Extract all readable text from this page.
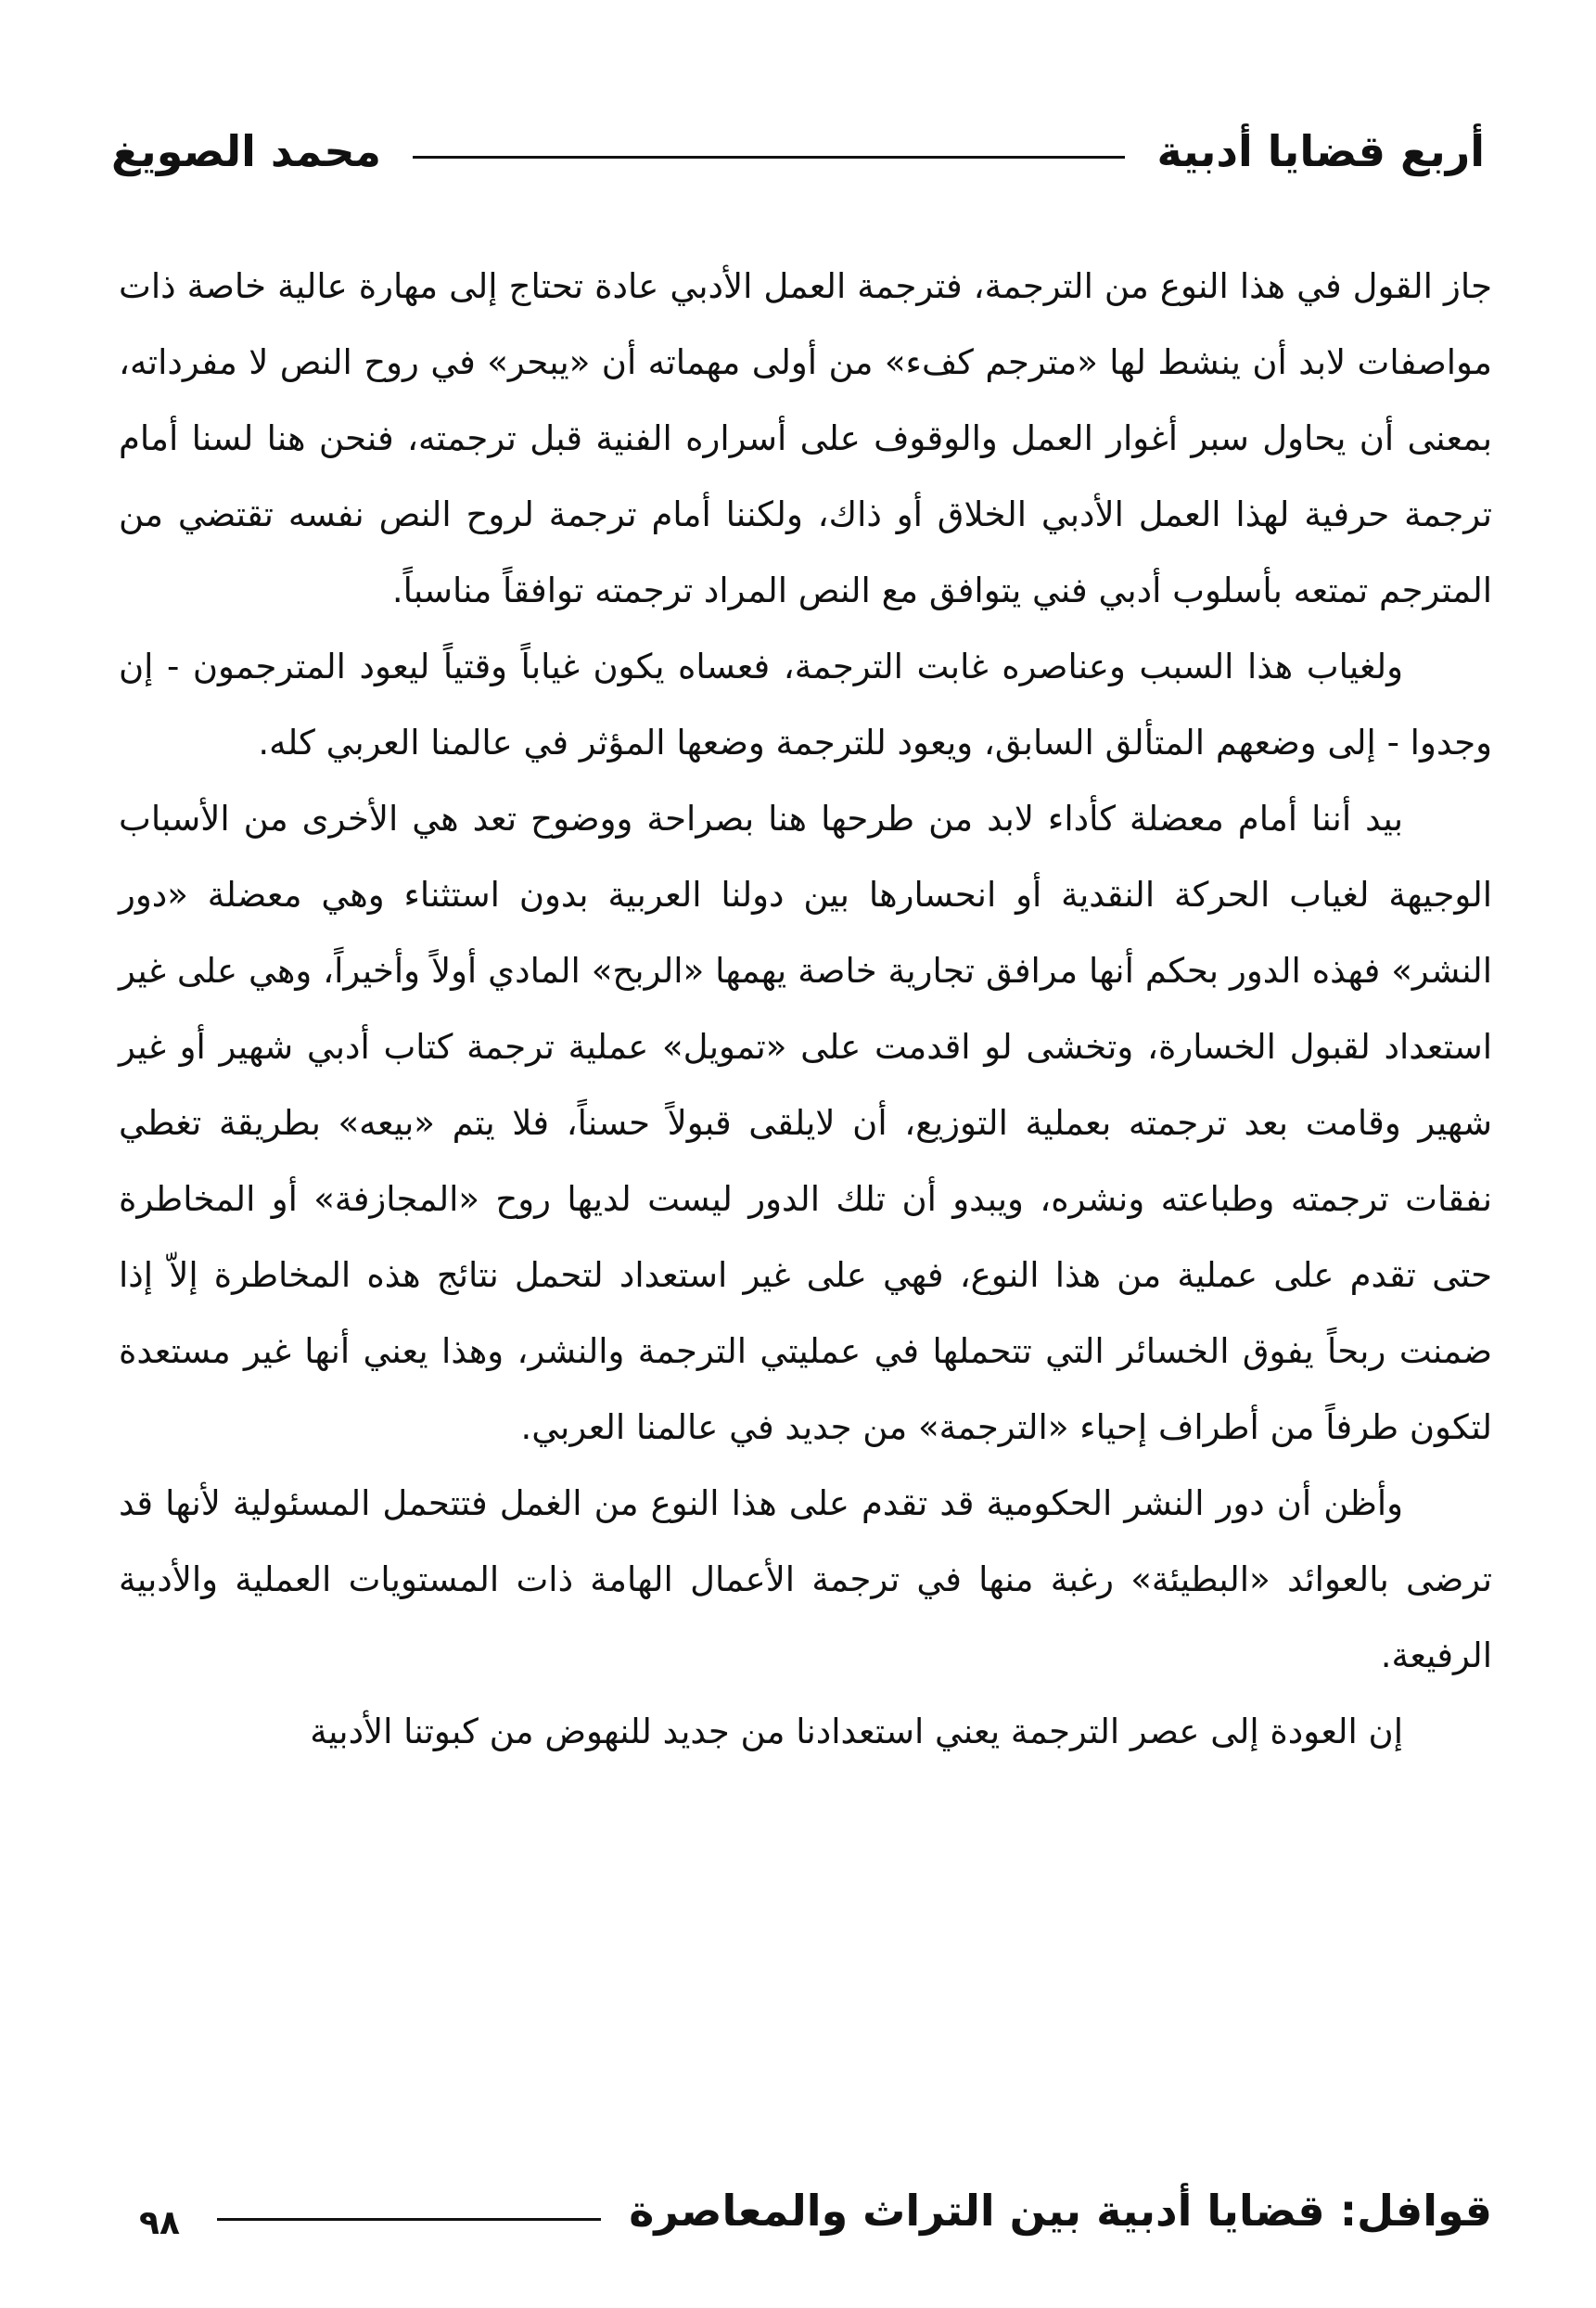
أربع قضايا أدبية
محمد الصويغ

جاز القول في هذا النوع من الترجمة، فترجمة العمل الأدبي عادة تحتاج إلى مهارة عالية خاصة ذات مواصفات لابد أن ينشط لها «مترجم كفء» من أولى مهماته أن «يبحر» في روح النص لا مفرداته، بمعنى أن يحاول سبر أغوار العمل والوقوف على أسراره الفنية قبل ترجمته، فنحن هنا لسنا أمام ترجمة حرفية لهذا العمل الأدبي الخلاق أو ذاك، ولكننا أمام ترجمة لروح النص نفسه تقتضي من المترجم تمتعه بأسلوب أدبي فني يتوافق مع النص المراد ترجمته توافقاً مناسباً.

ولغياب هذا السبب وعناصره غابت الترجمة، فعساه يكون غياباً وقتياً ليعود المترجمون - إن وجدوا - إلى وضعهم المتألق السابق، ويعود للترجمة وضعها المؤثر في عالمنا العربي كله.

بيد أننا أمام معضلة كأداء لابد من طرحها هنا بصراحة ووضوح تعد هي الأخرى من الأسباب الوجيهة لغياب الحركة النقدية أو انحسارها بين دولنا العربية بدون استثناء وهي معضلة «دور النشر» فهذه الدور بحكم أنها مرافق تجارية خاصة يهمها «الربح» المادي أولاً وأخيراً، وهي على غير استعداد لقبول الخسارة، وتخشى لو اقدمت على «تمويل» عملية ترجمة كتاب أدبي شهير أو غير شهير وقامت بعد ترجمته بعملية التوزيع، أن لايلقى قبولاً حسناً، فلا يتم «بيعه» بطريقة تغطي نفقات ترجمته وطباعته ونشره، ويبدو أن تلك الدور ليست لديها روح «المجازفة» أو المخاطرة حتى تقدم على عملية من هذا النوع، فهي على غير استعداد لتحمل نتائج هذه المخاطرة إلاّ إذا ضمنت ربحاً يفوق الخسائر التي تتحملها في عمليتي الترجمة والنشر، وهذا يعني أنها غير مستعدة لتكون طرفاً من أطراف إحياء «الترجمة» من جديد في عالمنا العربي.

وأظن أن دور النشر الحكومية قد تقدم على هذا النوع من الغمل فتتحمل المسئولية لأنها قد ترضى بالعوائد «البطيئة» رغبة منها في ترجمة الأعمال الهامة ذات المستويات العملية والأدبية الرفيعة.

إن العودة إلى عصر الترجمة يعني استعدادنا من جديد للنهوض من كبوتنا الأدبية

قوافل: قضايا أدبية بين التراث والمعاصرة
٩٨
